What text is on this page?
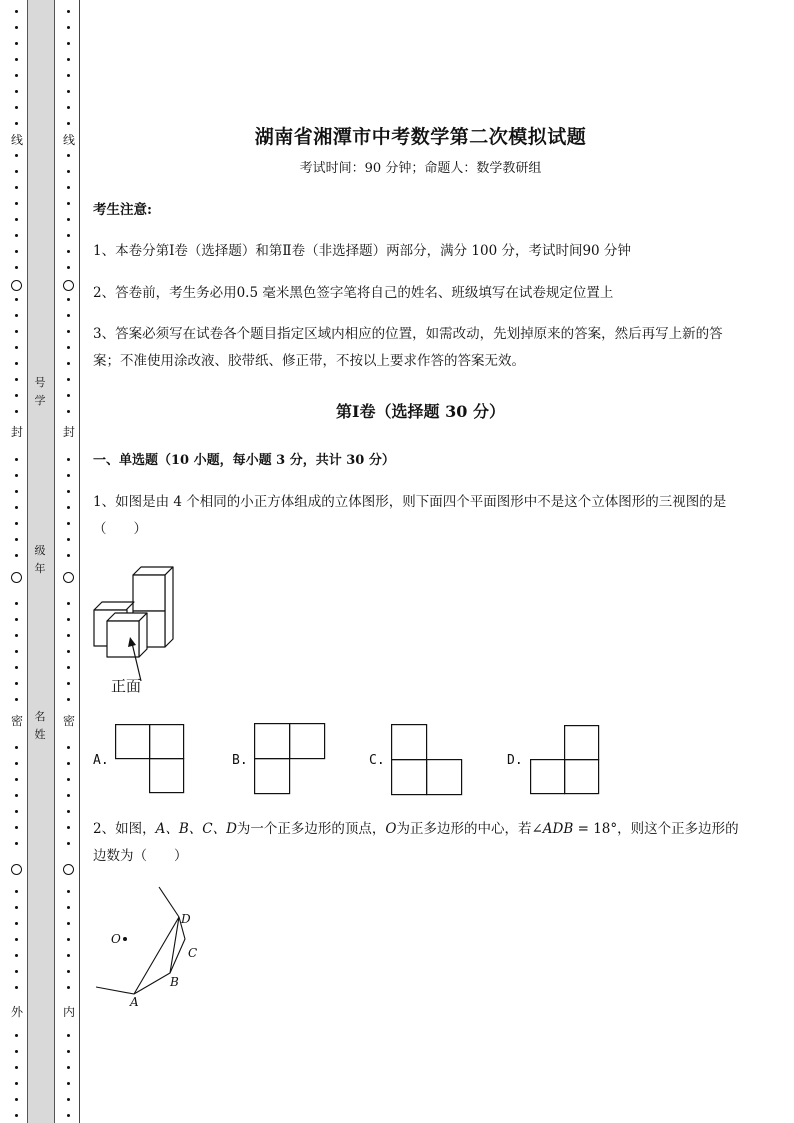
线
封
密
外
线
封
密
内
号
学
级
年
名
姓
湖南省湘潭市中考数学第二次模拟试题
考试时间：90 分钟；命题人：数学教研组
考生注意:
1、本卷分第Ⅰ卷（选择题）和第Ⅱ卷（非选择题）两部分，满分 100 分，考试时间90 分钟
2、答卷前，考生务必用0.5 毫米黑色签字笔将自己的姓名、班级填写在试卷规定位置上
3、答案必须写在试卷各个题目指定区域内相应的位置，如需改动，先划掉原来的答案，然后再写上新的答案；不准使用涂改液、胶带纸、修正带，不按以上要求作答的答案无效。
第Ⅰ卷（选择题 30 分）
一、单选题（10 小题，每小题 3 分，共计 30 分）
1、如图是由 4 个相同的小正方体组成的立体图形，则下面四个平面图形中不是这个立体图形的三视图的是（　　）
正面
A.	B.	C.	D.
2、如图，A、B、C、D为一个正多边形的顶点，O为正多边形的中心，若∠ADB = 18°，则这个正多边形的边数为（　　）
O
D
C
B
A
